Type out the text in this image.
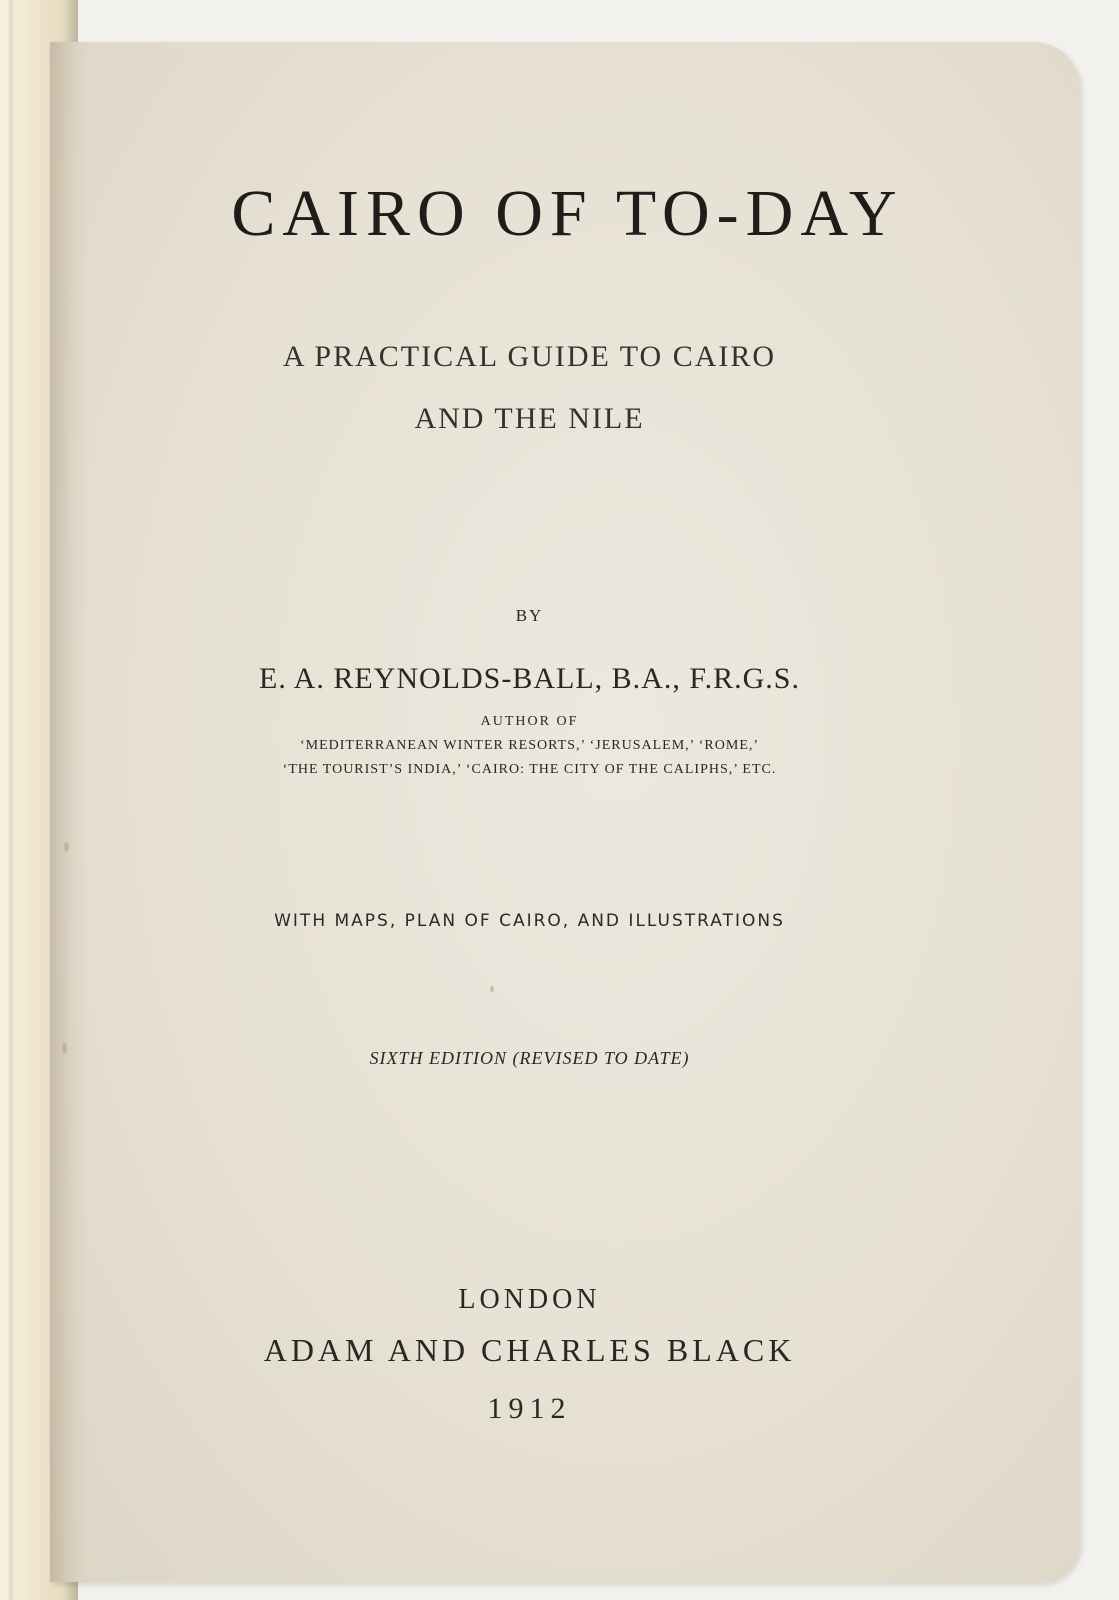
CAIRO OF TO-DAY
A PRACTICAL GUIDE TO CAIRO
AND THE NILE
BY
E. A. REYNOLDS-BALL, B.A., F.R.G.S.
AUTHOR OF
‘MEDITERRANEAN WINTER RESORTS,’ ‘JERUSALEM,’ ‘ROME,’
‘THE TOURIST’S INDIA,’ ‘CAIRO: THE CITY OF THE CALIPHS,’ ETC.
WITH MAPS, PLAN OF CAIRO, AND ILLUSTRATIONS
SIXTH EDITION (REVISED TO DATE)
LONDON
ADAM AND CHARLES BLACK
1912
